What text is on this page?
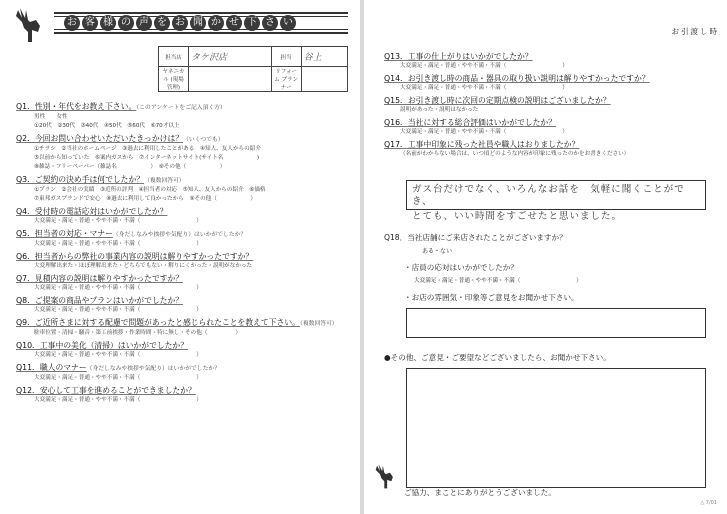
お 客 様 の 声 を お 聞 か せ 下 さ い
担当店	タケ沢店	担当	谷上
ヤネニカル (現場管理)		リフォーム プランナー	
Q1．性別・年代をお教え下さい。（このアンケートをご記入頂く方）
男性　　女性
①20代　②30代　③40代　④50代　⑤60代　⑥70才以上
Q2．今回お問い合わせいただいたきっかけは？（いくつでも）
①チラシ　②当社のホームページ　③過去に利用したことがある　④知人、友人からの紹介
⑤以前から知っていた　⑥案内ガスから　⑦インターネットサイト(サイト名　　　　　　)
⑧雑誌・フリーペーパー（雑誌名　　　　　　）　⑨その他（　　　　　　）
Q3．ご契約の決め手は何でしたか？（複数回答可）
①プラン　②会社の実績　③近所の評判　④担当者の対応　⑤知人、友人からの紹介　⑥価格
⑦東邦ガスブランドで安心　⑧過去に利用して良かったから　⑨その他（　　　　　　）
Q4．受付時の電話応対はいかがでしたか？
大変満足・満足・普通・やや不満・不満（　　　　　　　　　　）
Q5．担当者の対応・マナー（身だしなみや挨拶や気配り）はいかがでしたか？
大変満足・満足・普通・やや不満・不満（　　　　　　　　　　）
Q6．担当者からの弊社の事業内容の説明は解りやすかったですか？
大変理解出来た・ほぼ理解出来た・どちらでもない・解りにくかった・説明がなかった
Q7．見積内容の説明は解りやすかったですか？
大変満足・満足・普通・やや不満・不満（　　　　　　　　　　）
Q8．ご提案の商品やプランはいかがでしたか？
大変満足・満足・普通・やや不満・不満（　　　　　　　　　　）
Q9．ご近所さまに対する配慮で問題があったと感じられたことを教えて下さい。（複数回答可）
駐車位置・清掃・騒音・第工前挨拶・作業時間・特に無し・その他（　　　　　）
Q10．工事中の美化（清掃）はいかがでしたか？
大変満足・満足・普通・やや不満・不満（　　　　　　　　　　）
Q11．職人のマナー（身だしなみや挨拶や気配り）はいかがでしたか？
大変満足・満足・普通・やや不満・不満（　　　　　　　　　　）
Q12．安心して工事を進めることができましたか？
大変満足・満足・普通・やや不満・不満（　　　　　　　　　　）
お引渡し時
Q13．工事の仕上がりはいかがでしたか？
大変満足・満足・普通・やや不満・不満（　　　　　　　　　　）
Q14．お引き渡し時の商品・器具の取り扱い説明は解りやすかったですか？
大変満足・満足・普通・やや不満・不満（　　　　　　　　　　）
Q15．お引き渡し時に次回の定期点検の説明はございましたか？
説明があった・説明はなかった
Q16．当社に対する総合評価はいかがでしたか？
大変満足・満足・普通・やや不満・不満（　　　　　　　　　　）
Q17．工事中印象に残った社員や職人はおりましたか？
（名前がわからない場合は、いつ頃どのような内容が印象に残ったのかをお書きください）
ガス台だけでなく、いろんなお話を　気軽に聞くことができ、
とても、いい時間をすごせたと思いました。
Q18．当社店舗にご来店されたことがございますか？
ある・ない
・店員の応対はいかがでしたか？
大変満足・満足・普通・やや不満・不満（　　　　　　　　　　）
・お店の雰囲気・印象等ご意見をお聞かせ下さい。
●その他、ご意見・ご要望などございましたら、お聞かせ下さい。
ご協力、まことにありがとうございました。
△ 7/01
